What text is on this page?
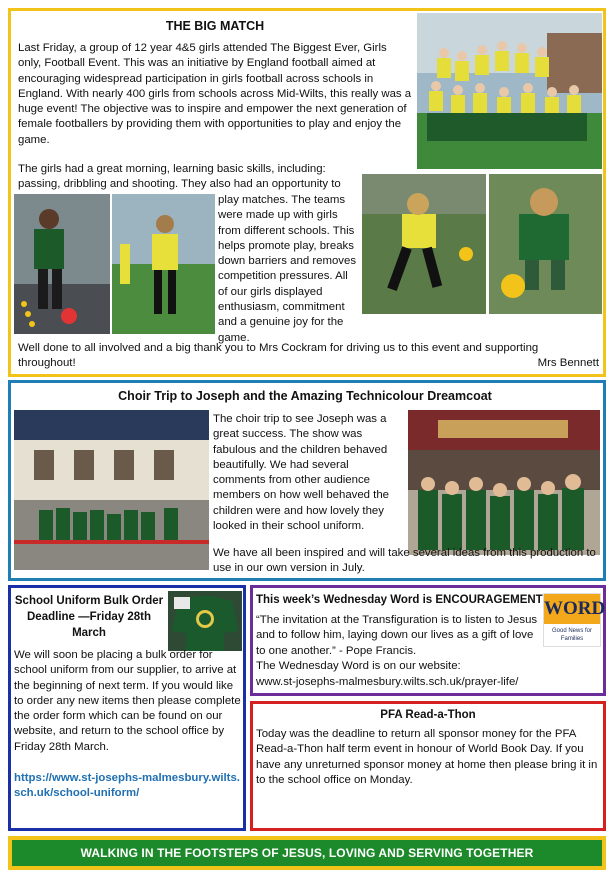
THE BIG MATCH

Last Friday, a group of 12 year 4&5 girls attended The Biggest Ever, Girls only, Football Event. This was an initiative by England football aimed at encouraging widespread participation in girls football across schools in England. With nearly 400 girls from schools across Mid-Wilts, this really was a huge event! The objective was to inspire and empower the next generation of female footballers by providing them with opportunities to play and enjoy the game.

The girls had a great morning, learning basic skills, including: passing, dribbling and shooting. They also had an opportunity to

play matches. The teams were made up with girls from different schools. This helps promote play, breaks down barriers and removes competition pressures. All of our girls displayed enthusiasm, commitment and a genuine joy for the game.

Well done to all involved and a big thank you to Mrs Cockram for driving us to this event and supporting throughout!	Mrs Bennett
Choir Trip to Joseph and the Amazing Technicolour Dreamcoat

The choir trip to see Joseph was a great success. The show was fabulous and the children behaved beautifully. We had several comments from other audience members on how well behaved the children were and how lovely they looked in their school uniform.

We have all been inspired and will take several ideas from this production to use in our own version in July.

School Uniform Bulk Order Deadline —Friday 28th March

We will soon be placing a bulk order for school uniform from our supplier, to arrive at the beginning of next term. If you would like to order any new items then please complete the order form which can be found on our website, and return to the school office by Friday 28th March.

https://www.st-josephs-malmesbury.wilts.sch.uk/school-uniform/
This week’s Wednesday Word is ENCOURAGEMENT WORD
Good News for Families

“The invitation at the Transfiguration is to listen to Jesus and to follow him, laying down our lives as a gift of love to one another.” - Pope Francis.

The Wednesday Word is on our website:

www.st-josephs-malmesbury.wilts.sch.uk/prayer-life/
PFA Read-a-Thon

Today was the deadline to return all sponsor money for the PFA Read-a-Thon half term event in honour of World Book Day. If you have any unreturned sponsor money at home then please bring it in to the school office on Monday.

WALKING IN THE FOOTSTEPS OF JESUS, LOVING AND SERVING TOGETHER
